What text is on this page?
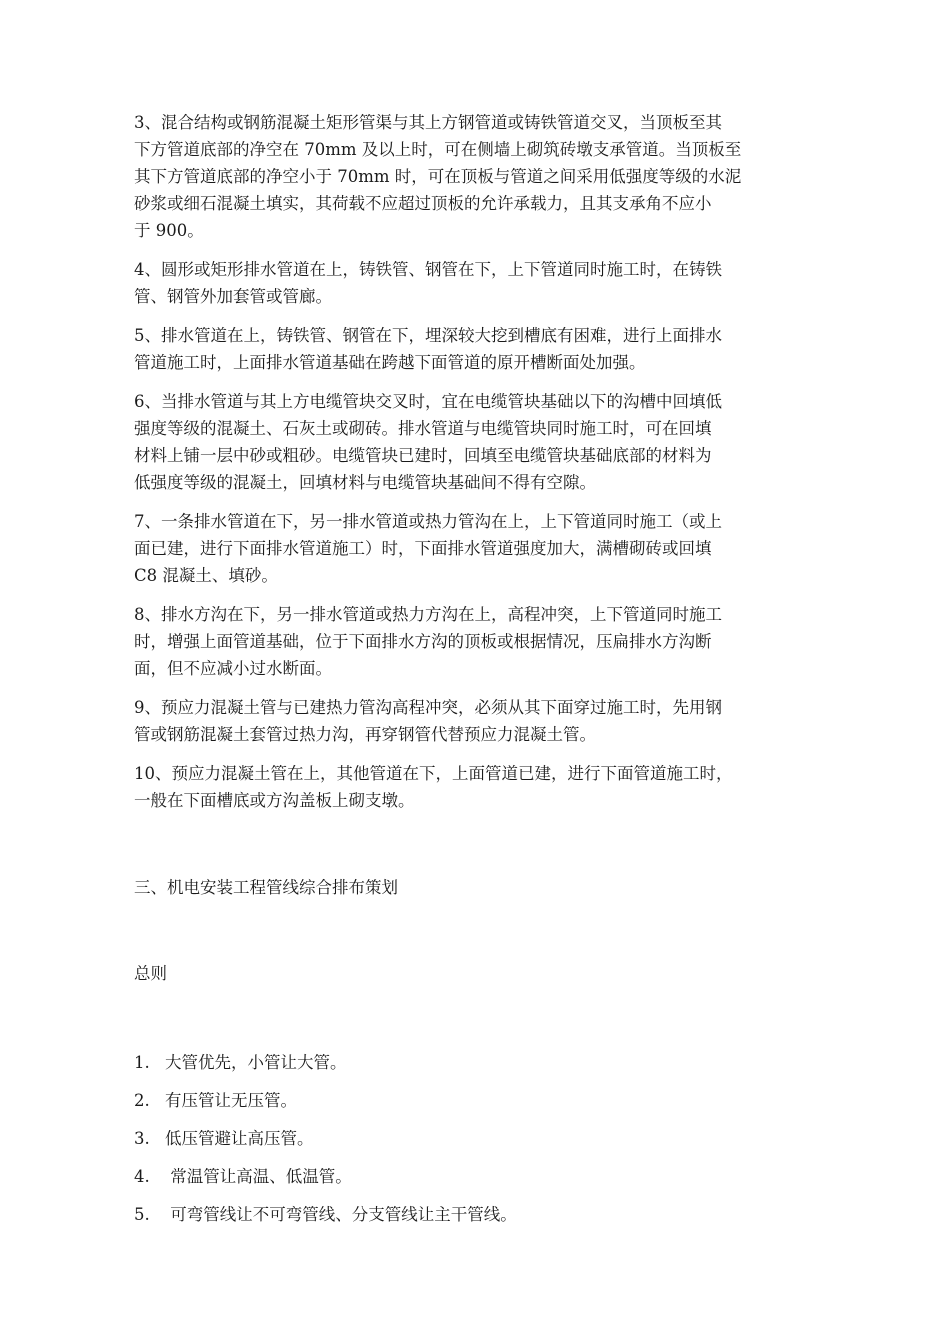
3、混合结构或钢筋混凝土矩形管渠与其上方钢管道或铸铁管道交叉，当顶板至其
下方管道底部的净空在 70mm 及以上时，可在侧墙上砌筑砖墩支承管道。当顶板至
其下方管道底部的净空小于 70mm 时，可在顶板与管道之间采用低强度等级的水泥
砂浆或细石混凝土填实，其荷载不应超过顶板的允许承载力，且其支承角不应小
于 900。

4、圆形或矩形排水管道在上，铸铁管、钢管在下，上下管道同时施工时，在铸铁
管、钢管外加套管或管廊。

5、排水管道在上，铸铁管、钢管在下，埋深较大挖到槽底有困难，进行上面排水
管道施工时，上面排水管道基础在跨越下面管道的原开槽断面处加强。

6、当排水管道与其上方电缆管块交叉时，宜在电缆管块基础以下的沟槽中回填低
强度等级的混凝土、石灰土或砌砖。排水管道与电缆管块同时施工时，可在回填
材料上铺一层中砂或粗砂。电缆管块已建时，回填至电缆管块基础底部的材料为
低强度等级的混凝土，回填材料与电缆管块基础间不得有空隙。

7、一条排水管道在下，另一排水管道或热力管沟在上，上下管道同时施工（或上
面已建，进行下面排水管道施工）时，下面排水管道强度加大，满槽砌砖或回填
C8 混凝土、填砂。

8、排水方沟在下，另一排水管道或热力方沟在上，高程冲突，上下管道同时施工
时，增强上面管道基础，位于下面排水方沟的顶板或根据情况，压扁排水方沟断
面，但不应减小过水断面。

9、预应力混凝土管与已建热力管沟高程冲突，必须从其下面穿过施工时，先用钢
管或钢筋混凝土套管过热力沟，再穿钢管代替预应力混凝土管。

10、预应力混凝土管在上，其他管道在下，上面管道已建，进行下面管道施工时，
一般在下面槽底或方沟盖板上砌支墩。

三、机电安装工程管线综合排布策划
总则
1. 大管优先，小管让大管。
2. 有压管让无压管。
3. 低压管避让高压管。
4. 常温管让高温、低温管。
5. 可弯管线让不可弯管线、分支管线让主干管线。
